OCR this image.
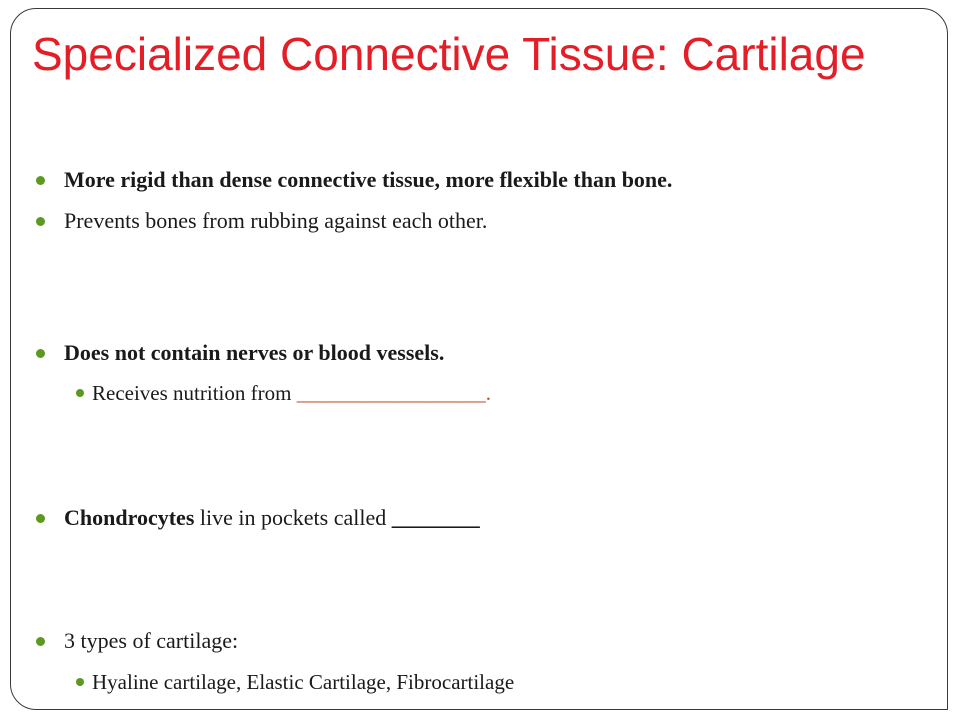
Specialized Connective Tissue: Cartilage
More rigid than dense connective tissue, more flexible than bone.
Prevents bones from rubbing against each other.
Does not contain nerves or blood vessels.
Receives nutrition from __________________.
Chondrocytes live in pockets called ________
3 types of cartilage:
Hyaline cartilage, Elastic Cartilage, Fibrocartilage
